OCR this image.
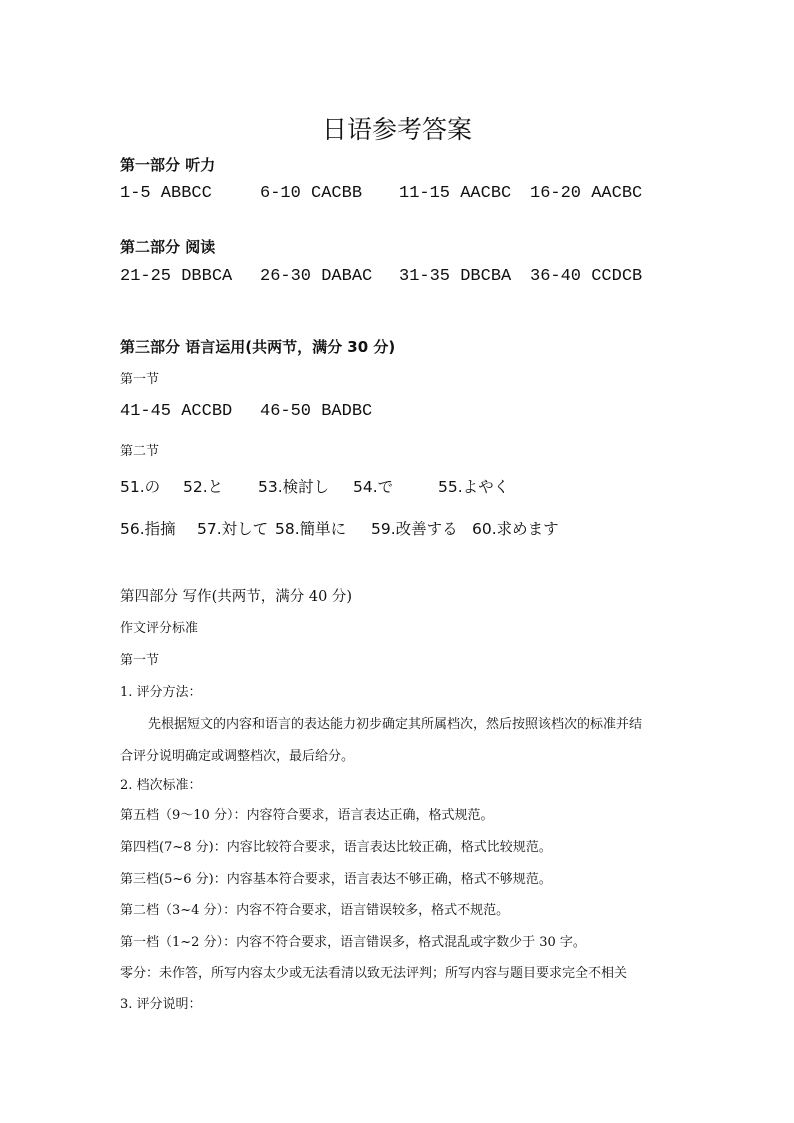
日语参考答案
第一部分 听力
1-5 ABBCC	6-10 CACBB 11-15 AACBC 16-20 AACBC
第二部分 阅读
21-25 DBBCA 26-30 DABAC 31-35 DBCBA 36-40 CCDCB
第三部分 语言运用(共两节，满分 30 分)
第一节
41-45 ACCBD 46-50 BADBC
第二节
51.の 52.と 53.検討し 54.で	55.よやく
56.指摘 57.対して 58.簡単に 59.改善する 60.求めます
第四部分 写作(共两节，满分 40 分)
作文评分标准
第一节
1. 评分方法：
先根据短文的内容和语言的表达能力初步确定其所属档次，然后按照该档次的标准并结
合评分说明确定或调整档次，最后给分。
2. 档次标准：
第五档（9～10 分）：内容符合要求，语言表达正确，格式规范。
第四档(7~8 分)：内容比较符合要求，语言表达比较正确，格式比较规范。
第三档(5~6 分)：内容基本符合要求，语言表达不够正确，格式不够规范。
第二档（3~4 分）：内容不符合要求，语言错误较多，格式不规范。
第一档（1~2 分）：内容不符合要求，语言错误多，格式混乱或字数少于 30 字。
零分：未作答，所写内容太少或无法看清以致无法评判；所写内容与题目要求完全不相关
3. 评分说明：
